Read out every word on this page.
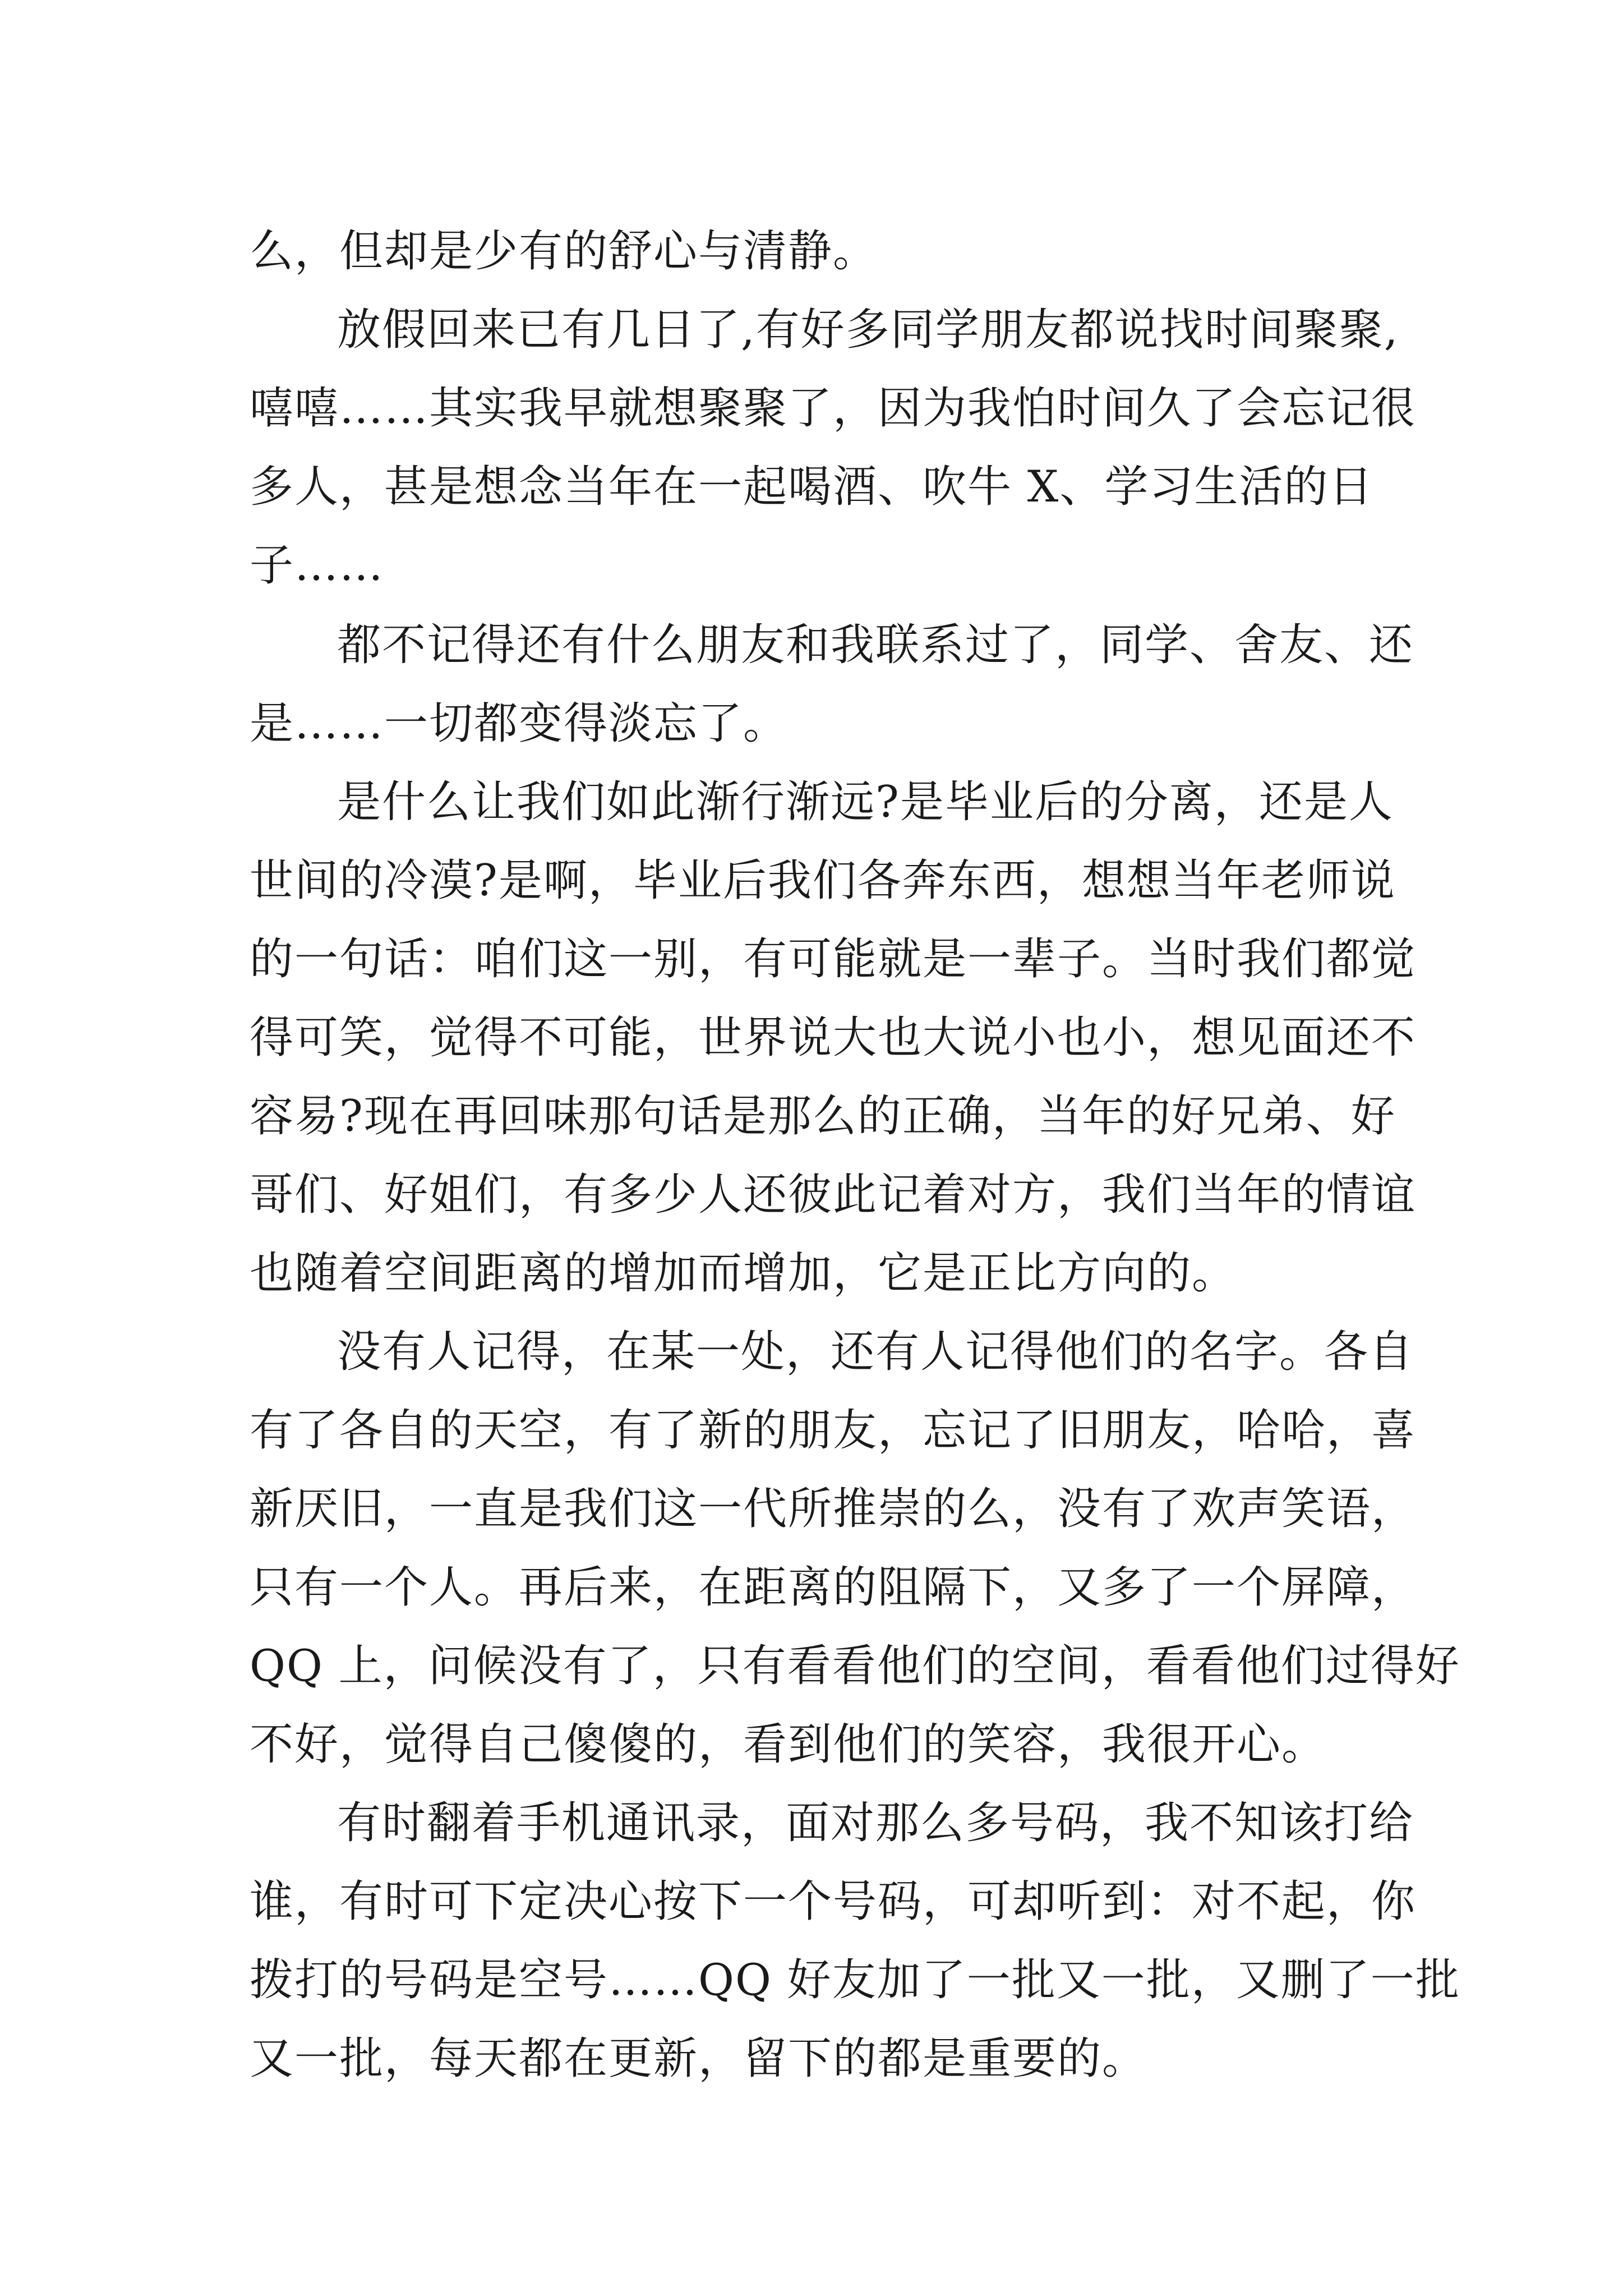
么，但却是少有的舒心与清静。
放假回来已有几日了,有好多同学朋友都说找时间聚聚,
嘻嘻……其实我早就想聚聚了，因为我怕时间久了会忘记很
多人，甚是想念当年在一起喝酒、吹牛 X、学习生活的日
子……
都不记得还有什么朋友和我联系过了，同学、舍友、还
是……一切都变得淡忘了。
是什么让我们如此渐行渐远?是毕业后的分离，还是人
世间的冷漠?是啊，毕业后我们各奔东西，想想当年老师说
的一句话：咱们这一别，有可能就是一辈子。当时我们都觉
得可笑，觉得不可能，世界说大也大说小也小，想见面还不
容易?现在再回味那句话是那么的正确，当年的好兄弟、好
哥们、好姐们，有多少人还彼此记着对方，我们当年的情谊
也随着空间距离的增加而增加，它是正比方向的。
没有人记得，在某一处，还有人记得他们的名字。各自
有了各自的天空，有了新的朋友，忘记了旧朋友，哈哈，喜
新厌旧，一直是我们这一代所推崇的么，没有了欢声笑语，
只有一个人。再后来，在距离的阻隔下，又多了一个屏障，
QQ 上，问候没有了，只有看看他们的空间，看看他们过得好
不好，觉得自己傻傻的，看到他们的笑容，我很开心。
有时翻着手机通讯录，面对那么多号码，我不知该打给
谁，有时可下定决心按下一个号码，可却听到：对不起，你
拨打的号码是空号……QQ 好友加了一批又一批，又删了一批
又一批，每天都在更新，留下的都是重要的。
